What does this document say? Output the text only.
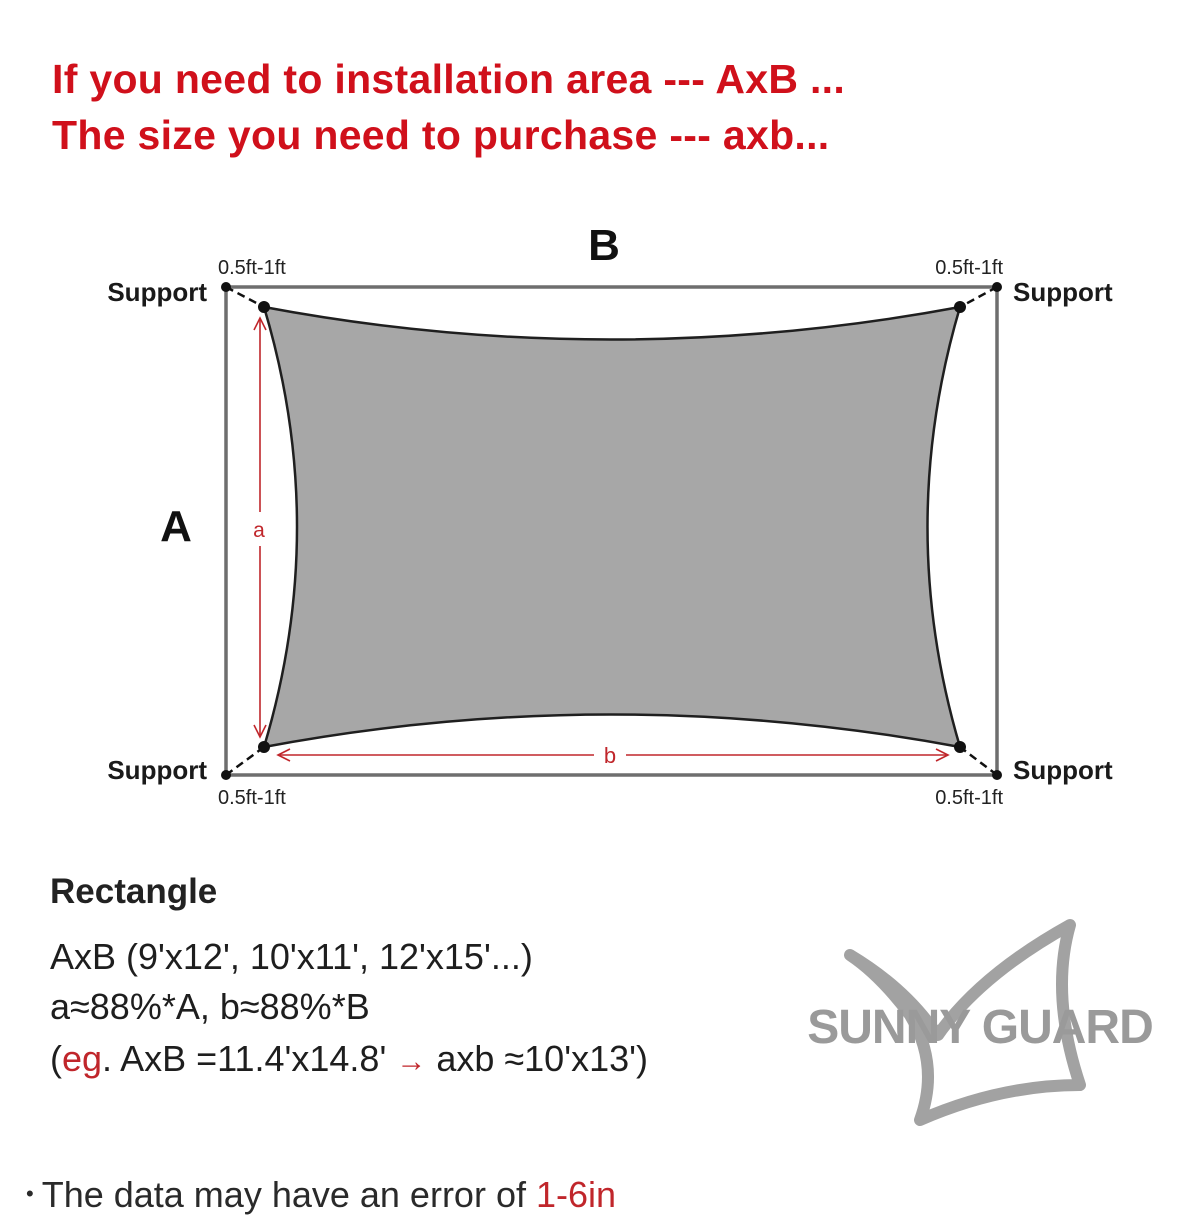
If you need to installation area --- AxB ...

The size you need to purchase --- axb...

a
b
B
A
Support	Support
Support	Support
0.5ft-1ft	0.5ft-1ft
0.5ft-1ft	0.5ft-1ft

Rectangle

AxB (9'x12', 10'x11', 12'x15'...)

a≈88%*A, b≈88%*B

(eg. AxB =11.4'x14.8' → axb ≈10'x13')

• The data may have an error of 1-6in

SUNNY GUARD
